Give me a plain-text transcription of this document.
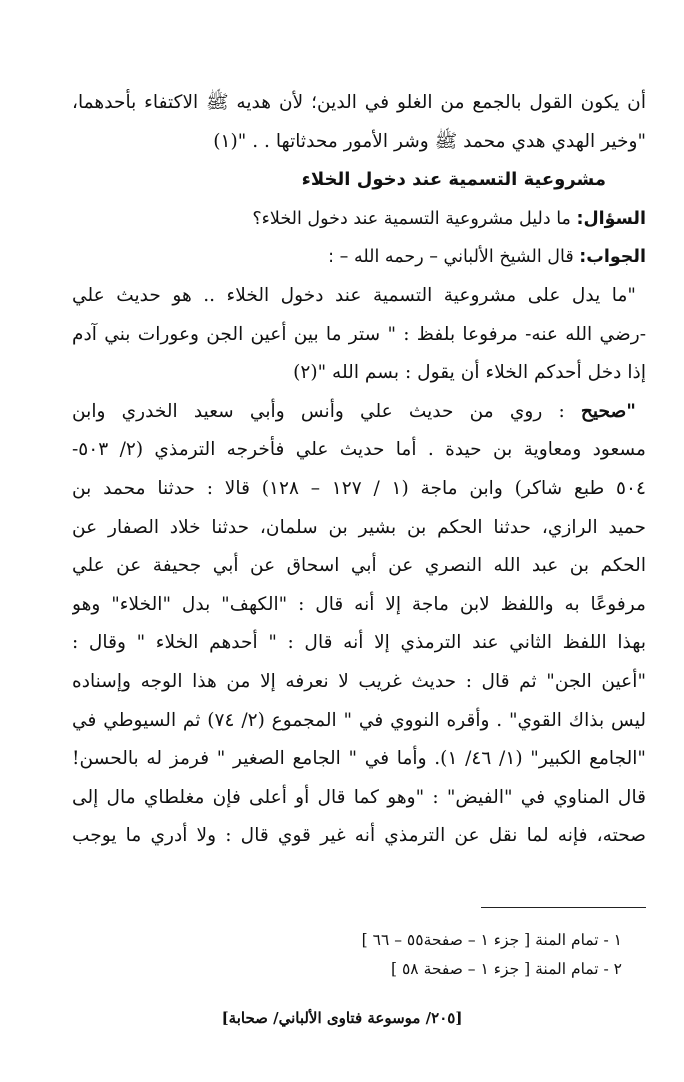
أن يكون القول بالجمع من الغلو في الدين؛ لأن هديه ﷺ الاكتفاء بأحدهما،
"وخير الهدي هدي محمد ﷺ وشر الأمور محدثاتها . . "(١)
مشروعية التسمية عند دخول الخلاء
السؤال: ما دليل مشروعية التسمية عند دخول الخلاء؟
الجواب: قال الشيخ الألباني – رحمه الله – :
"ما يدل على مشروعية التسمية عند دخول الخلاء .. هو حديث علي
-رضي الله عنه- مرفوعا بلفظ : " ستر ما بين أعين الجن وعورات بني آدم
إذا دخل أحدكم الخلاء أن يقول : بسم الله "(٢)
"صحيح : روي من حديث علي وأنس وأبي سعيد الخدري وابن
مسعود ومعاوية بن حيدة . أما حديث علي فأخرجه الترمذي (٢/ ٥٠٣-
٥٠٤ طبع شاكر) وابن ماجة (١ / ١٢٧ – ١٢٨) قالا : حدثنا محمد بن
حميد الرازي، حدثنا الحكم بن بشير بن سلمان، حدثنا خلاد الصفار عن
الحكم بن عبد الله النصري عن أبي اسحاق عن أبي جحيفة عن علي
مرفوعًا به واللفظ لابن ماجة إلا أنه قال : "الكهف" بدل "الخلاء" وهو
بهذا اللفظ الثاني عند الترمذي إلا أنه قال : " أحدهم الخلاء " وقال :
"أعين الجن" ثم قال : حديث غريب لا نعرفه إلا من هذا الوجه وإسناده
ليس بذاك القوي" . وأقره النووي في " المجموع (٢/ ٧٤) ثم السيوطي في
"الجامع الكبير" (١/ ٤٦/ ١). وأما في " الجامع الصغير " فرمز له بالحسن!
قال المناوي في "الفيض" : "وهو كما قال أو أعلى فإن مغلطاي مال إلى
صحته، فإنه لما نقل عن الترمذي أنه غير قوي قال : ولا أدري ما يوجب
١ - تمام المنة [ جزء ١ – صفحة٥٥ – ٦٦ ]
٢ - تمام المنة [ جزء ١ – صفحة ٥٨ ]
[٢٠٥/ موسوعة فتاوى الألباني/ صحابة]
